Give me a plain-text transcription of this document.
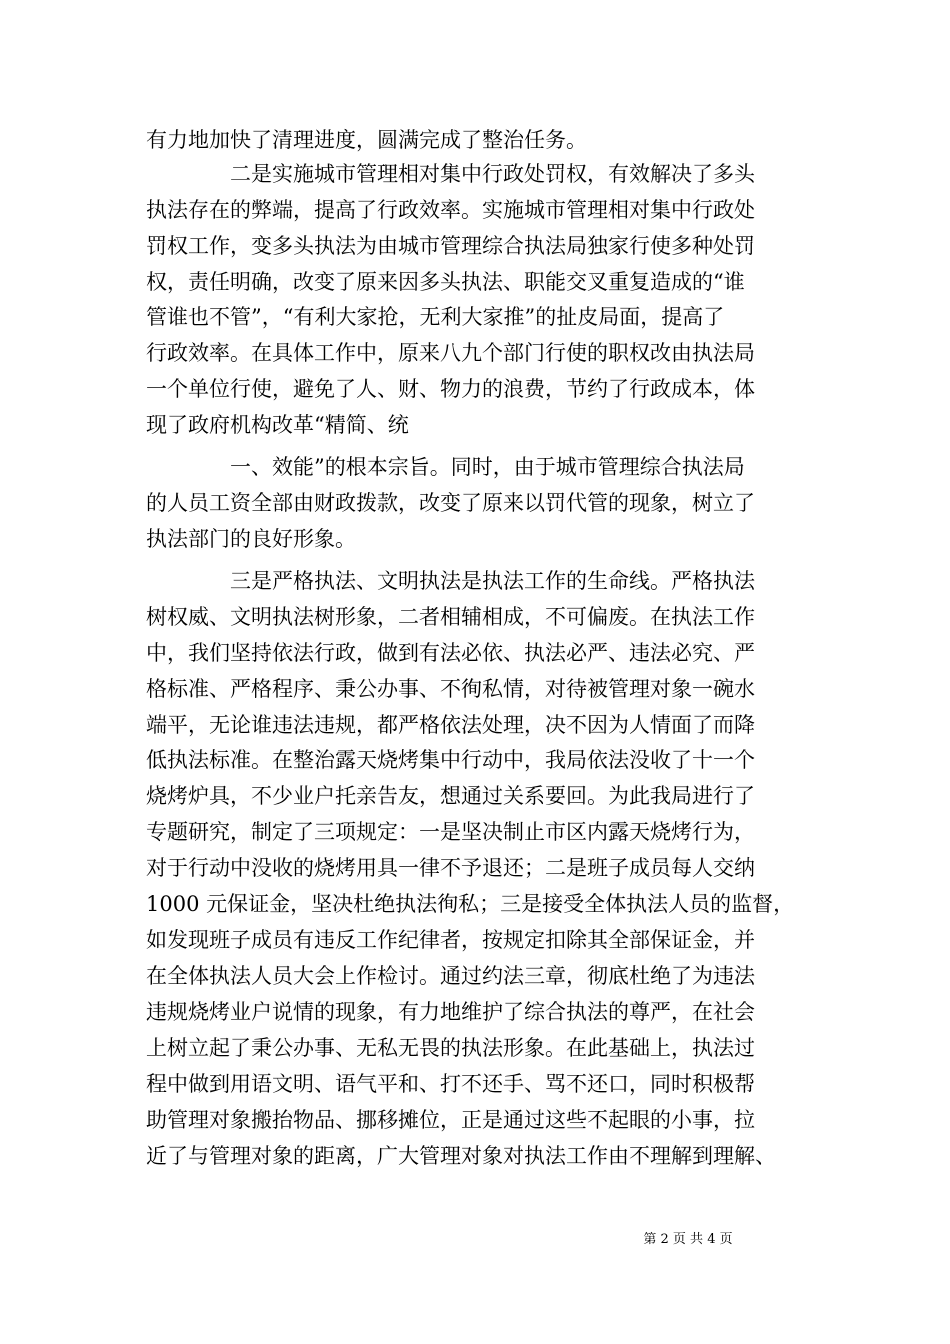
有力地加快了清理进度，圆满完成了整治任务。
二是实施城市管理相对集中行政处罚权，有效解决了多头
执法存在的弊端，提高了行政效率。实施城市管理相对集中行政处
罚权工作，变多头执法为由城市管理综合执法局独家行使多种处罚
权，责任明确，改变了原来因多头执法、职能交叉重复造成的“谁
管谁也不管”，“有利大家抢，无利大家推”的扯皮局面，提高了
行政效率。在具体工作中，原来八九个部门行使的职权改由执法局
一个单位行使，避免了人、财、物力的浪费，节约了行政成本，体
现了政府机构改革“精简、统
一、效能”的根本宗旨。同时，由于城市管理综合执法局
的人员工资全部由财政拨款，改变了原来以罚代管的现象，树立了
执法部门的良好形象。
三是严格执法、文明执法是执法工作的生命线。严格执法
树权威、文明执法树形象，二者相辅相成，不可偏废。在执法工作
中，我们坚持依法行政，做到有法必依、执法必严、违法必究、严
格标准、严格程序、秉公办事、不徇私情，对待被管理对象一碗水
端平，无论谁违法违规，都严格依法处理，决不因为人情面了而降
低执法标准。在整治露天烧烤集中行动中，我局依法没收了十一个
烧烤炉具，不少业户托亲告友，想通过关系要回。为此我局进行了
专题研究，制定了三项规定：一是坚决制止市区内露天烧烤行为，
对于行动中没收的烧烤用具一律不予退还；二是班子成员每人交纳
1000 元保证金，坚决杜绝执法徇私；三是接受全体执法人员的监督，
如发现班子成员有违反工作纪律者，按规定扣除其全部保证金，并
在全体执法人员大会上作检讨。通过约法三章，彻底杜绝了为违法
违规烧烤业户说情的现象，有力地维护了综合执法的尊严，在社会
上树立起了秉公办事、无私无畏的执法形象。在此基础上，执法过
程中做到用语文明、语气平和、打不还手、骂不还口，同时积极帮
助管理对象搬抬物品、挪移摊位，正是通过这些不起眼的小事，拉
近了与管理对象的距离，广大管理对象对执法工作由不理解到理解、
第 2 页 共 4 页
